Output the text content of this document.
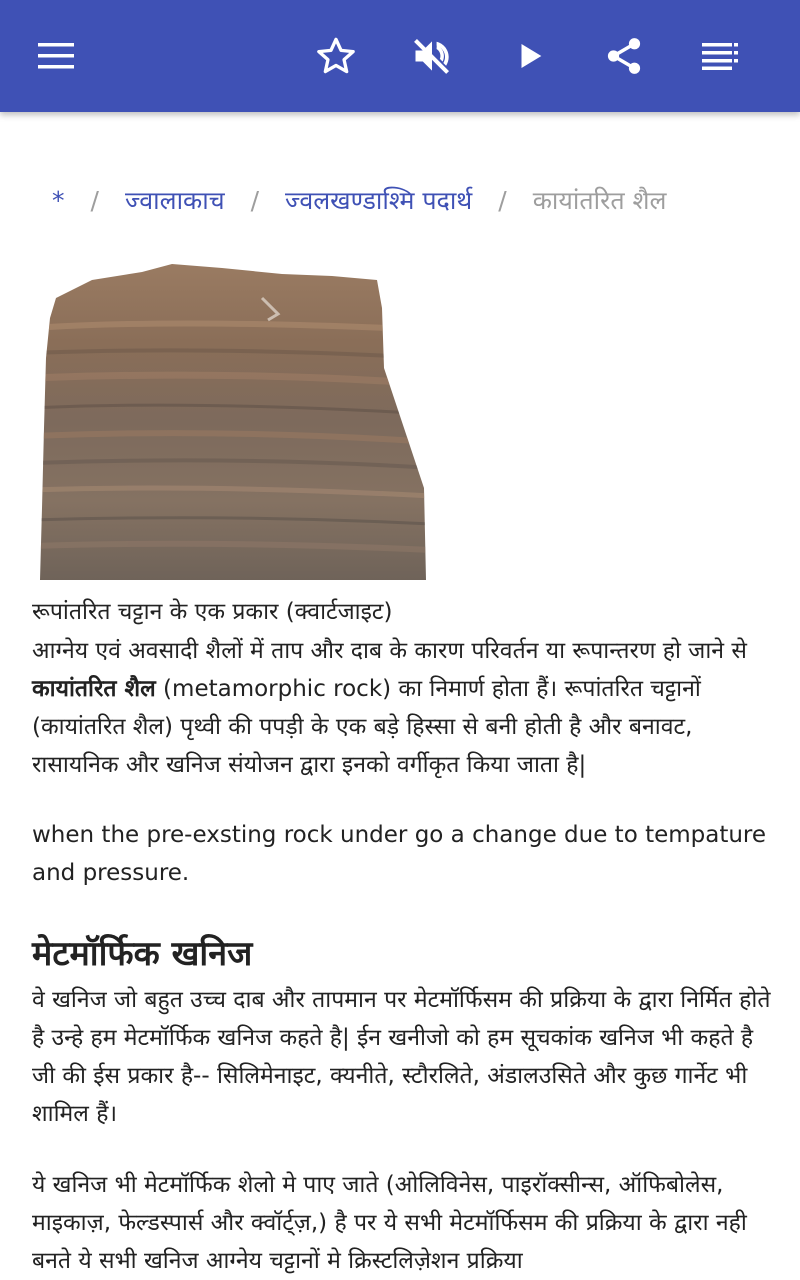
* / ज्वालाकाच / ज्वलखण्डाश्मि पदार्थ / कायांतरित शैल
रूपांतरित चट्टान के एक प्रकार (क्वार्टजाइट)

आग्नेय एवं अवसादी शैलों में ताप और दाब के कारण परिवर्तन या रूपान्तरण हो जाने से कायांतरित शैल (metamorphic rock) का निमार्ण होता हैं। रूपांतरित चट्टानों (कायांतरित शैल) पृथ्वी की पपड़ी के एक बड़े हिस्सा से बनी होती है और बनावट, रासायनिक और खनिज संयोजन द्वारा इनको वर्गीकृत किया जाता है|

when the pre-exsting rock under go a change due to tempature and pressure.

मेटमॉर्फिक खनिज

वे खनिज जो बहुत उच्च दाब और तापमान पर मेटमॉर्फिसम की प्रक्रिया के द्वारा निर्मित होते है उन्हे हम मेटमॉर्फिक खनिज कहते है| ईन खनीजो को हम सूचकांक खनिज भी कहते है जी की ईस प्रकार है-- सिलिमेनाइट, क्यनीते, स्टौरलिते, अंडालउसिते और कुछ गार्नेट भी शामिल हैं।

ये खनिज भी मेटमॉर्फिक शेलो मे पाए जाते (ओलिविनेस, पाइरॉक्सीन्स, ऑफिबोलेस, माइकाज़, फेल्डस्पार्स और क्वॉर्ट्ज़,) है पर ये सभी मेटमॉर्फिसम की प्रक्रिया के द्वारा नही बनते ये सभी खनिज आग्नेय चट्टानों मे क्रिस्टलिज़ेशन प्रक्रिया
